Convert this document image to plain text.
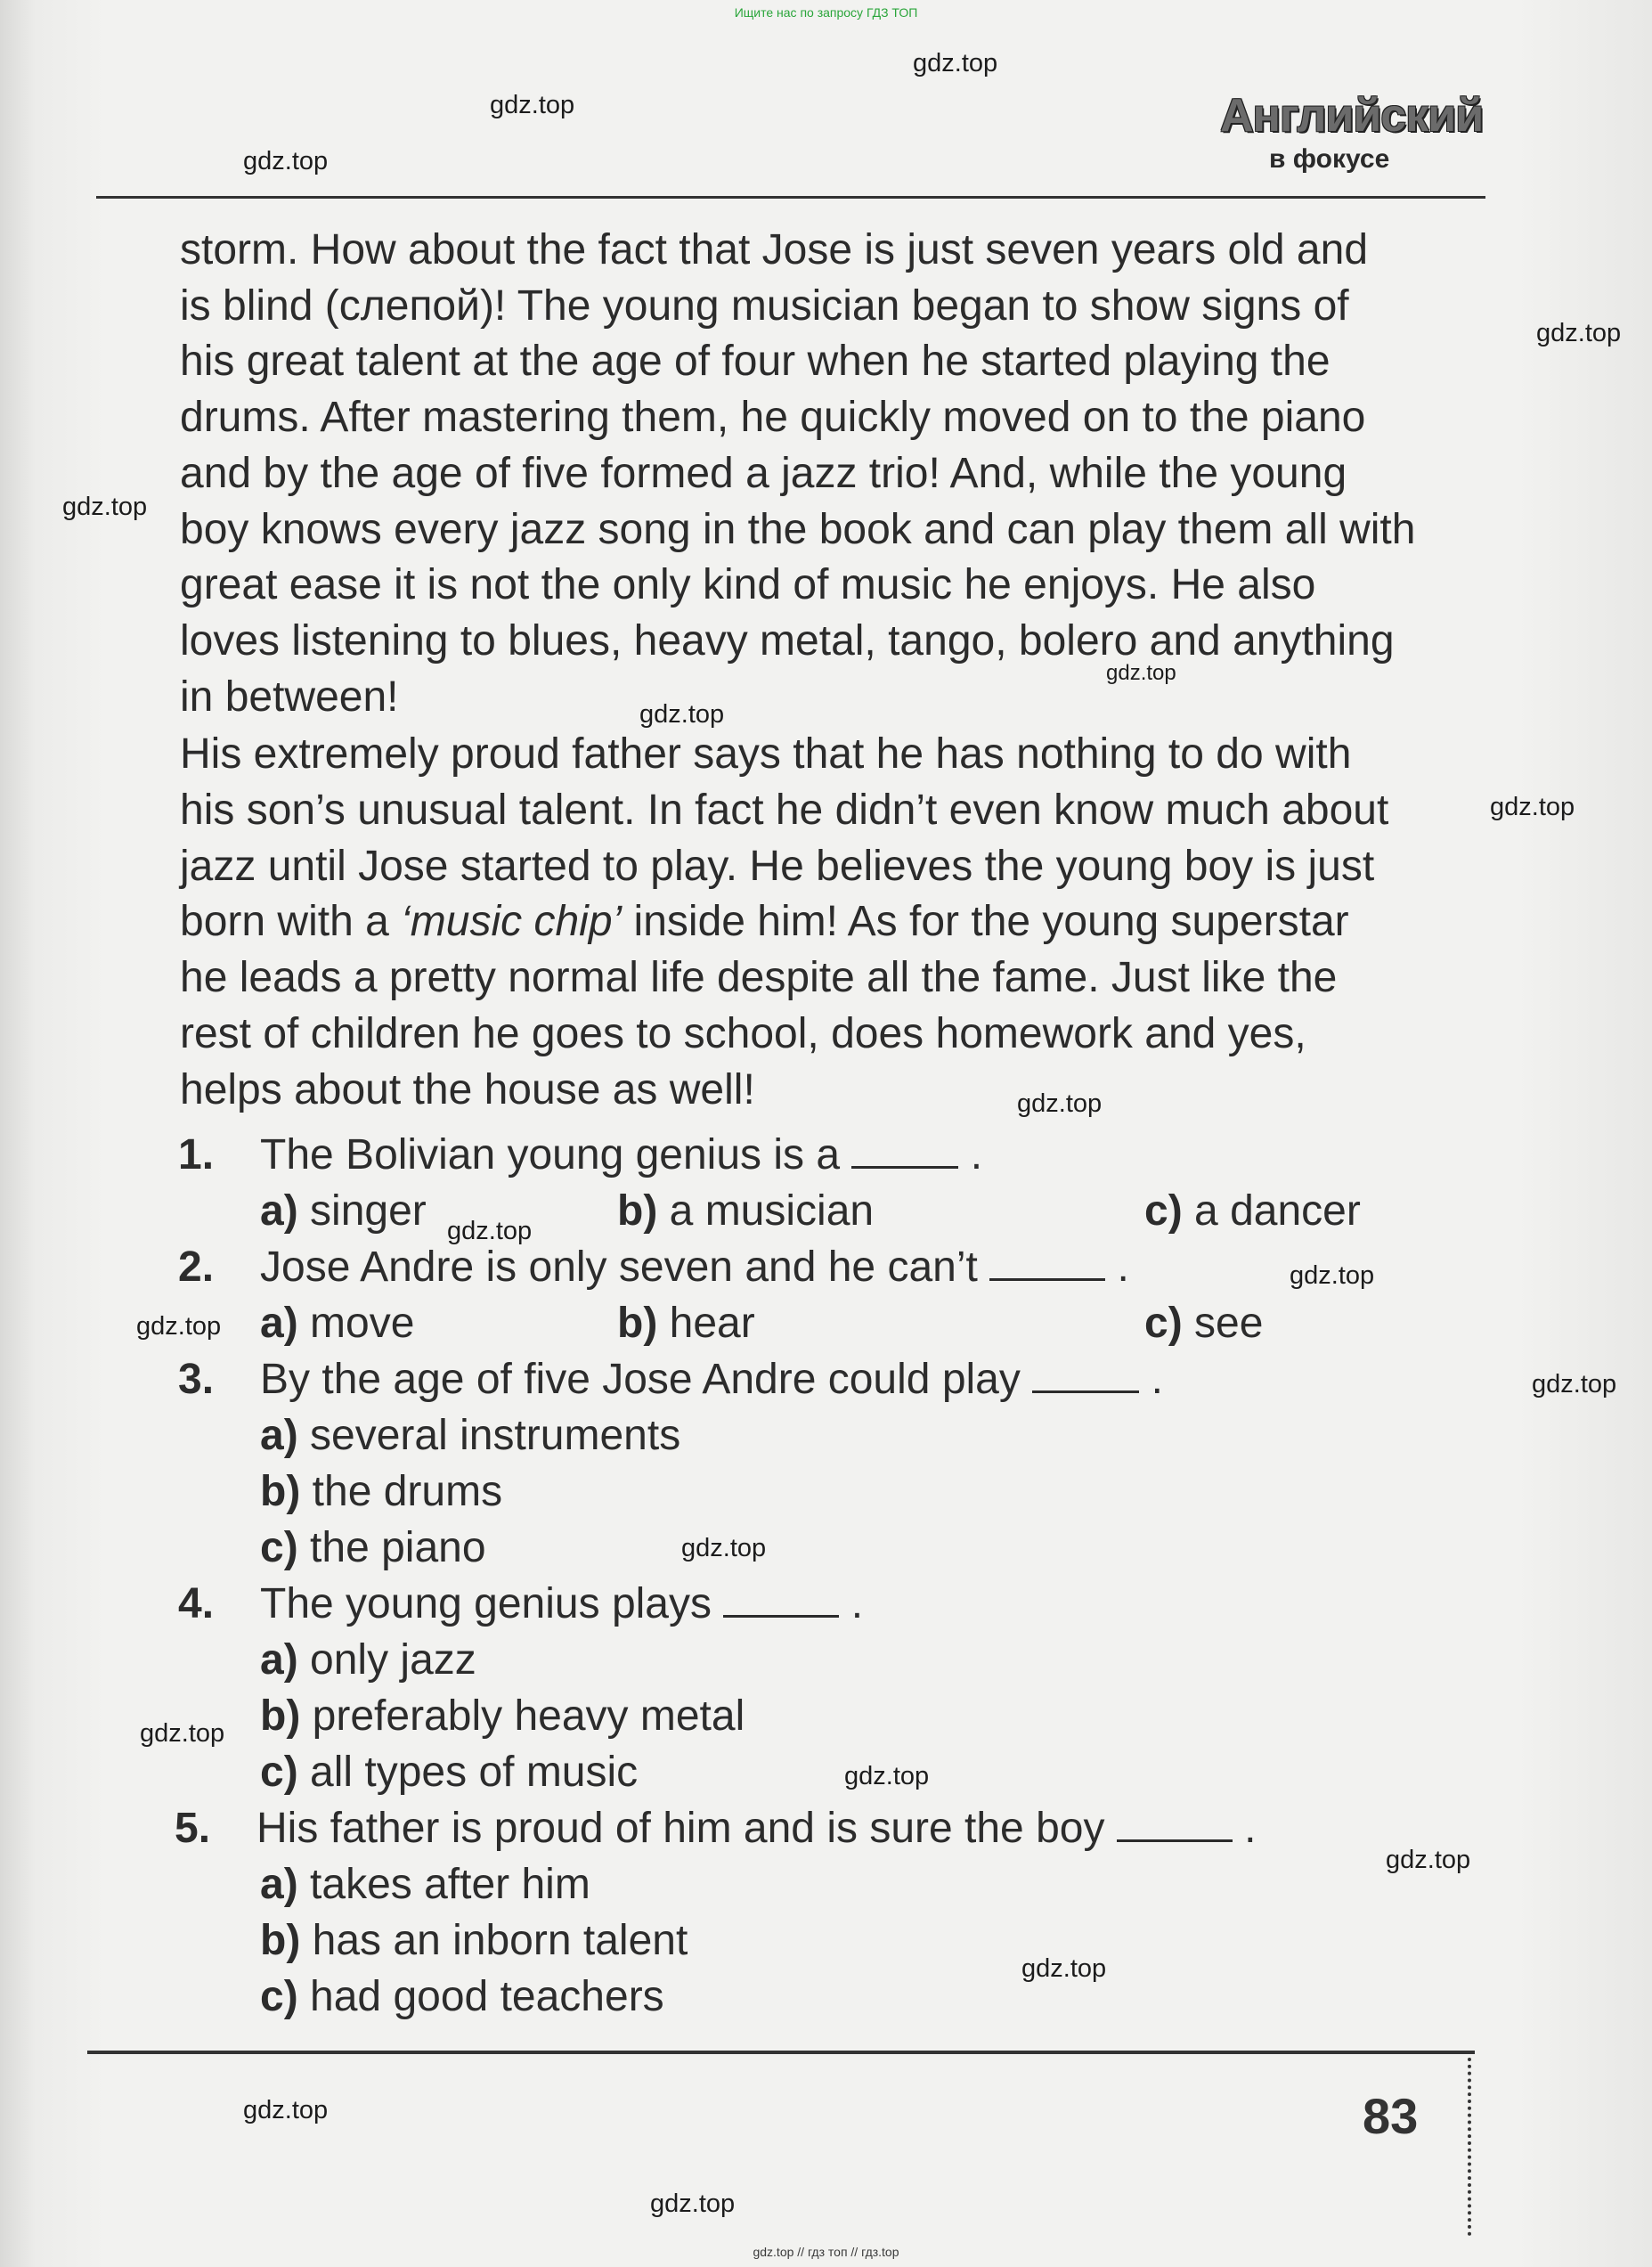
Ищите нас по запросу ГДЗ ТОП
Английский
в фокусе
gdz.top
gdz.top
gdz.top
gdz.top
gdz.top
gdz.top
gdz.top
gdz.top
gdz.top
gdz.top
gdz.top
gdz.top
gdz.top
gdz.top
gdz.top
gdz.top
gdz.top
gdz.top
gdz.top
gdz.top
storm. How about the fact that Jose is just seven years old and
is blind (слепой)! The young musician began to show signs of
his great talent at the age of four when he started playing the
drums. After mastering them, he quickly moved on to the piano
and by the age of five formed a jazz trio! And, while the young
boy knows every jazz song in the book and can play them all with
great ease it is not the only kind of music he enjoys. He also
loves listening to blues, heavy metal, tango, bolero and anything
in between!
His extremely proud father says that he has nothing to do with
his son’s unusual talent. In fact he didn’t even know much about
jazz until Jose started to play. He believes the young boy is just
born with a ‘music chip’ inside him! As for the young superstar
he leads a pretty normal life despite all the fame. Just like the
rest of children he goes to school, does homework and yes,
helps about the house as well!
1. The Bolivian young genius is a	.
a) singer	b) a musician	c) a dancer
2. Jose Andre is only seven and he can’t	.
a) move	b) hear	c) see
3. By the age of five Jose Andre could play	.
a) several instruments
b) the drums
c) the piano
4. The young genius plays	.
a) only jazz
b) preferably heavy metal
c) all types of music
5. His father is proud of him and is sure the boy	.
a) takes after him
b) has an inborn talent
c) had good teachers
83
gdz.top // гдз топ // гдз.top
